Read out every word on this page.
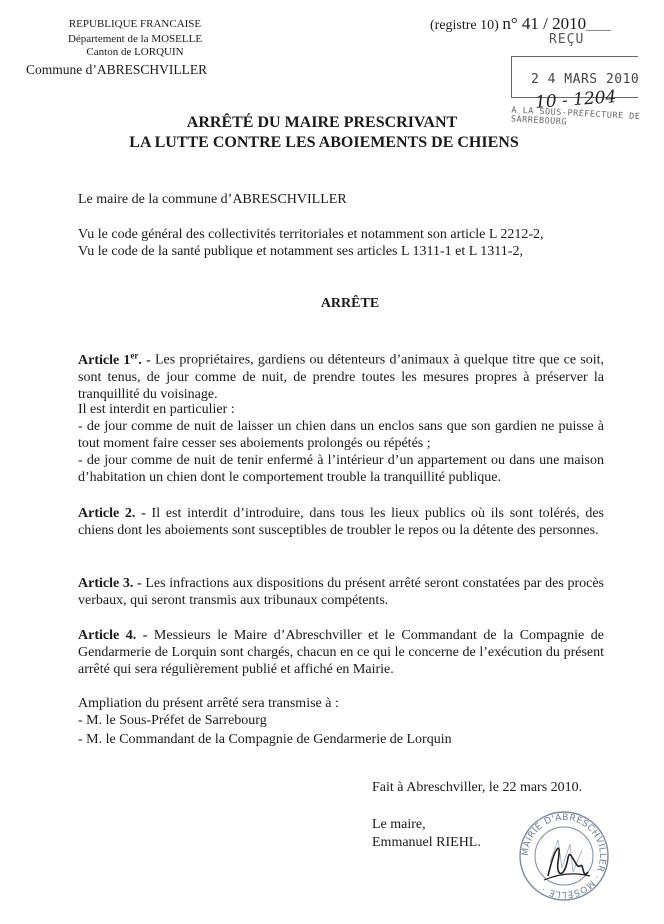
REPUBLIQUE FRANCAISE
Département de la MOSELLE
Canton de LORQUIN
Commune d’ABRESCHVILLER
(registre 10) n° 41 / 2010____
REÇU
2 4 MARS 2010
10 - 1204
A LA SOUS-PRÉFECTURE DE SARREBOURG
ARRÊTÉ DU MAIRE PRESCRIVANT
LA LUTTE CONTRE LES ABOIEMENTS DE CHIENS
Le maire de la commune d’ABRESCHVILLER
Vu le code général des collectivités territoriales et notamment son article L 2212-2,
Vu le code de la santé publique et notamment ses articles L 1311-1 et L 1311-2,
ARRÊTE
Article 1er. - Les propriétaires, gardiens ou détenteurs d’animaux à quelque titre que ce soit, sont tenus, de jour comme de nuit, de prendre toutes les mesures propres à préserver la tranquillité du voisinage.
Il est interdit en particulier :
- de jour comme de nuit de laisser un chien dans un enclos sans que son gardien ne puisse à tout moment faire cesser ses aboiements prolongés ou répétés ;
- de jour comme de nuit de tenir enfermé à l’intérieur d’un appartement ou dans une maison d’habitation un chien dont le comportement trouble la tranquillité publique.
Article 2. - Il est interdit d’introduire, dans tous les lieux publics où ils sont tolérés, des chiens dont les aboiements sont susceptibles de troubler le repos ou la détente des personnes.
Article 3. - Les infractions aux dispositions du présent arrêté seront constatées par des procès verbaux, qui seront transmis aux tribunaux compétents.
Article 4. - Messieurs le Maire d’Abreschviller et le Commandant de la Compagnie de Gendarmerie de Lorquin sont chargés, chacun en ce qui le concerne de l’exécution du présent arrêté qui sera régulièrement publié et affiché en Mairie.
Ampliation du présent arrêté sera transmise à :
- M. le Sous-Préfet de Sarrebourg
- M. le Commandant de la Compagnie de Gendarmerie de Lorquin
Fait à Abreschviller, le 22 mars 2010.
Le maire,
Emmanuel RIEHL.
MAIRIE D'ABRESCHVILLER · MOSELLE ·
